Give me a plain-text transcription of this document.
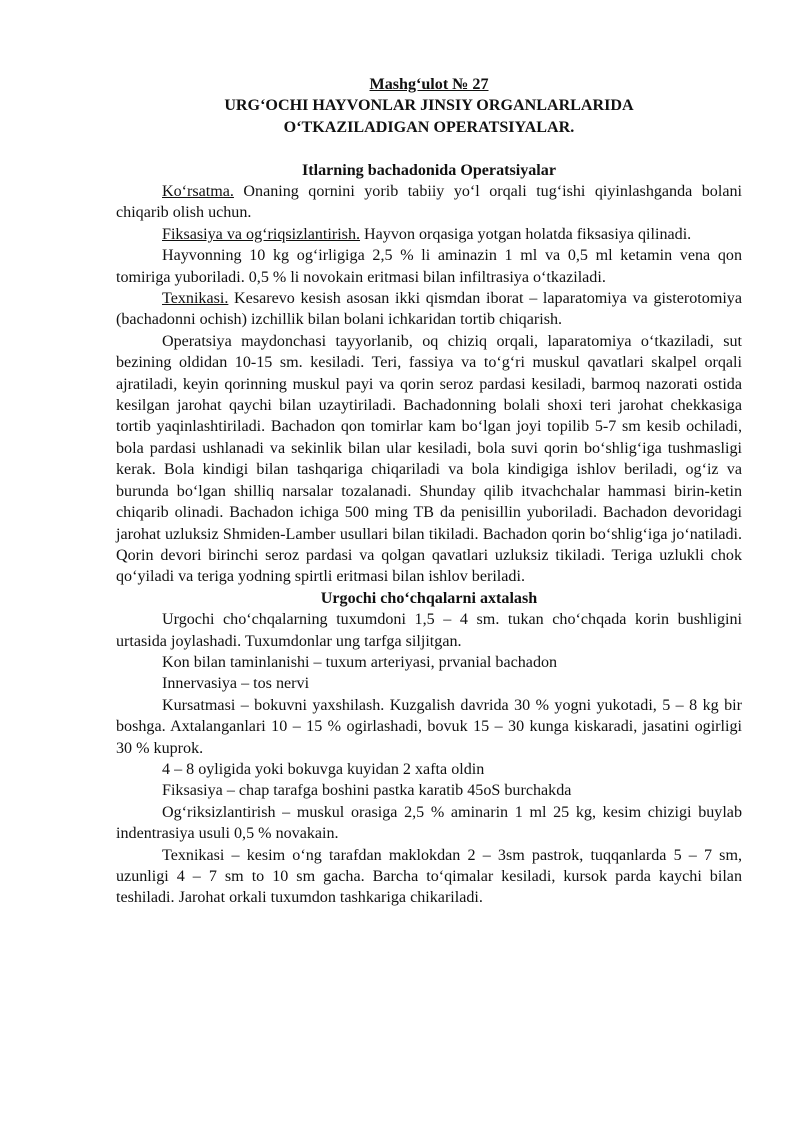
Mashg‘ulot № 27

URG‘OCHI HAYVONLAR JINSIY ORGANLARLARIDA

O‘TKAZILADIGAN OPERATSIYALAR.

Itlarning bachadonida Operatsiyalar

Ko‘rsatma. Onaning qornini yorib tabiiy yo‘l orqali tug‘ishi qiyinlashganda bolani chiqarib olish uchun.

Fiksasiya va og‘riqsizlantirish. Hayvon orqasiga yotgan holatda fiksasiya qilinadi.

Hayvonning 10 kg og‘irligiga 2,5 % li aminazin 1 ml va 0,5 ml ketamin vena qon tomiriga yuboriladi. 0,5 % li novokain eritmasi bilan infiltrasiya o‘tkaziladi.

Texnikasi. Kesarevo kesish asosan ikki qismdan iborat – laparatomiya va gisterotomiya (bachadonni ochish) izchillik bilan bolani ichkaridan tortib chiqarish.

Operatsiya maydonchasi tayyorlanib, oq chiziq orqali, laparatomiya o‘tkaziladi, sut bezining oldidan 10-15 sm. kesiladi. Teri, fassiya va to‘g‘ri muskul qavatlari skalpel orqali ajratiladi, keyin qorinning muskul payi va qorin seroz pardasi kesiladi, barmoq nazorati ostida kesilgan jarohat qaychi bilan uzaytiriladi. Bachadonning bolali shoxi teri jarohat chekkasiga tortib yaqinlashtiriladi. Bachadon qon tomirlar kam bo‘lgan joyi topilib 5-7 sm kesib ochiladi, bola pardasi ushlanadi va sekinlik bilan ular kesiladi, bola suvi qorin bo‘shlig‘iga tushmasligi kerak. Bola kindigi bilan tashqariga chiqariladi va bola kindigiga ishlov beriladi, og‘iz va burunda bo‘lgan shilliq narsalar tozalanadi. Shunday qilib itvachchalar hammasi birin-ketin chiqarib olinadi. Bachadon ichiga 500 ming TB da penisillin yuboriladi. Bachadon devoridagi jarohat uzluksiz Shmiden-Lamber usullari bilan tikiladi. Bachadon qorin bo‘shlig‘iga jo‘natiladi. Qorin devori birinchi seroz pardasi va qolgan qavatlari uzluksiz tikiladi. Teriga uzlukli chok qo‘yiladi va teriga yodning spirtli eritmasi bilan ishlov beriladi.

Urgochi cho‘chqalarni axtalash

Urgochi cho‘chqalarning tuxumdoni 1,5 – 4 sm. tukan cho‘chqada korin bushligini urtasida joylashadi. Tuxumdonlar ung tarfga siljitgan.

Kon bilan taminlanishi – tuxum arteriyasi, prvanial bachadon

Innervasiya – tos nervi

Kursatmasi – bokuvni yaxshilash. Kuzgalish davrida 30 % yogni yukotadi, 5 – 8 kg bir boshga. Axtalanganlari 10 – 15 % ogirlashadi, bovuk 15 – 30 kunga kiskaradi, jasatini ogirligi 30 % kuprok.

4 – 8 oyligida yoki bokuvga kuyidan 2 xafta oldin

Fiksasiya – chap tarafga boshini pastka karatib 45oS burchakda

Og‘riksizlantirish – muskul orasiga 2,5 % aminarin 1 ml 25 kg, kesim chizigi buylab indentrasiya usuli 0,5 % novakain.

Texnikasi – kesim o‘ng tarafdan maklokdan 2 – 3sm pastrok, tuqqanlarda 5 – 7 sm, uzunligi 4 – 7 sm to 10 sm gacha. Barcha to‘qimalar kesiladi, kursok parda kaychi bilan teshiladi. Jarohat orkali tuxumdon tashkariga chikariladi.
